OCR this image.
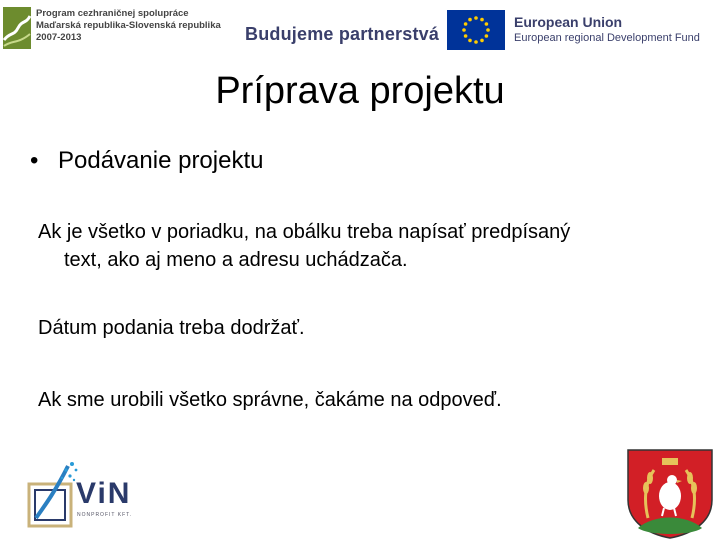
Program cezhraničnej spolupráce
Maďarská republika-Slovenská republika
2007-2013	Budujeme partnerstvá
European Union
European regional Development Fund
Príprava projektu
• Podávanie projektu
Ak je všetko v poriadku, na obálku treba napísať predpísaný
text, ako aj meno a adresu uchádzača.
Dátum podania treba dodržať.
Ak sme urobili všetko správne, čakáme na odpoveď.
ViN
NONPROFIT KFT.
